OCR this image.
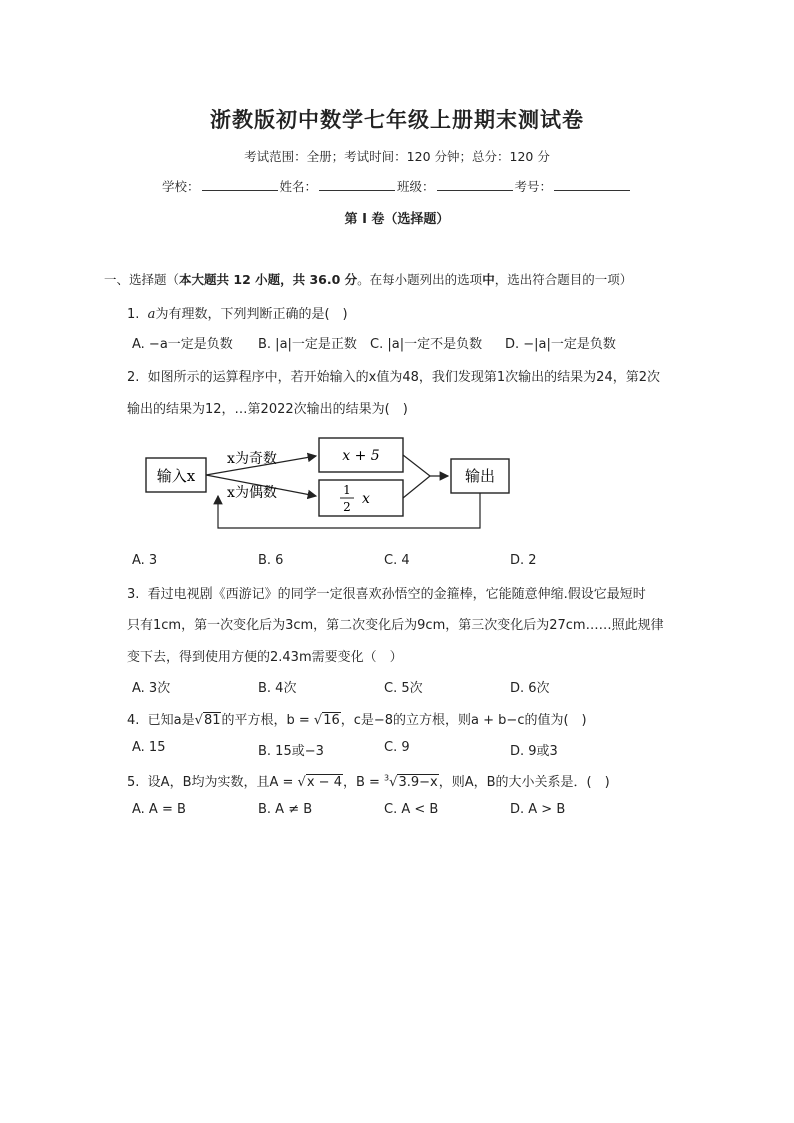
浙教版初中数学七年级上册期末测试卷
考试范围：全册；考试时间：120 分钟；总分：120 分
学校：	姓名：	班级：	考号：
第 I 卷（选择题）
一、选择题（本大题共 12 小题，共 36.0 分。在每小题列出的选项中，选出符合题目的一项）
1. a为有理数，下列判断正确的是(　)
A. −a一定是负数 B. |a|一定是正数 C. |a|一定不是负数 D. −|a|一定是负数
2. 如图所示的运算程序中，若开始输入的x值为48，我们发现第1次输出的结果为24，第2次
输出的结果为12，…第2022次输出的结果为(　)
输入x
x为奇数
x为偶数
x + 5
1
2 x
输出
A. 3	B. 6	C. 4	D. 2
3. 看过电视剧《西游记》的同学一定很喜欢孙悟空的金箍棒，它能随意伸缩.假设它最短时
只有1cm，第一次变化后为3cm，第二次变化后为9cm，第三次变化后为27cm……照此规律
变下去，得到使用方便的2.43m需要变化（　）
A. 3次	B. 4次	C. 5次	D. 6次
4. 已知a是√81的平方根，b = √16，c是−8的立方根，则a + b−c的值为(　)
A. 15	B. 15或−3	C. 9	D. 9或3
5. 设A，B均为实数，且A = √x − 4，B = $^3$√3.9−x，则A，B的大小关系是．(　)
A. A = B	B. A ≠ B	C. A < B	D. A > B
